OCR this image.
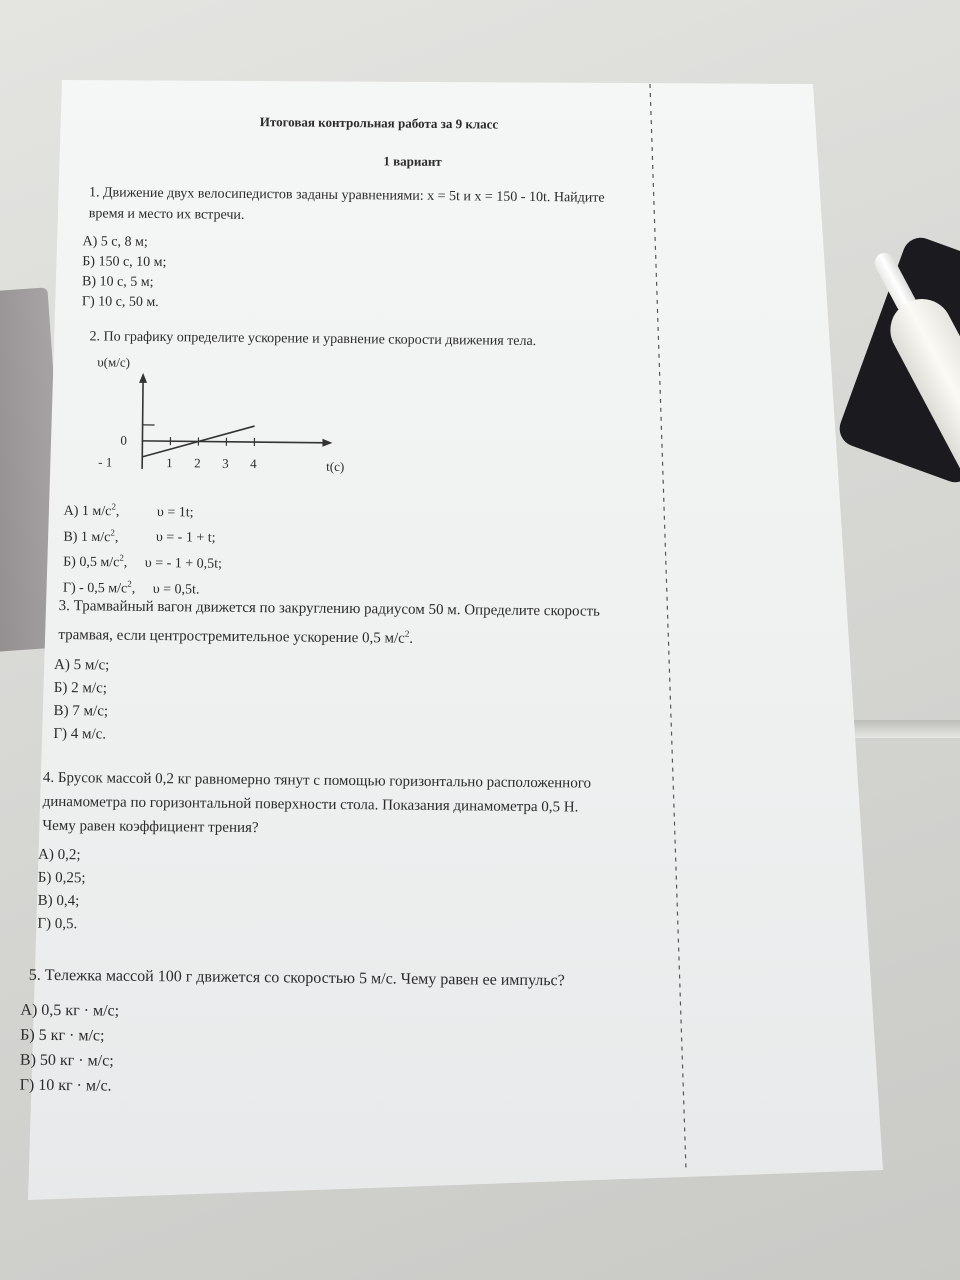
Итоговая контрольная работа за 9 класс
1 вариант
1. Движение двух велосипедистов заданы уравнениями: x = 5t и x = 150 - 10t. Найдите
время и место их встречи.
А) 5 с, 8 м;
Б) 150 с, 10 м;
В) 10 с, 5 м;
Г) 10 с, 50 м.
2. По графику определите ускорение и уравнение скорости движения тела.
υ(м/с)
t(c)
1 2 3 4
0
- 1
А) 1 $м/с^2$,	υ = 1t;
В) 1 $м/с^2$,	υ = - 1 + t;
Б) 0,5 $м/с^2$, υ = - 1 + 0,5t;
Г) - 0,5 $м/с^2$, υ = 0,5t.
3. Трамвайный вагон движется по закруглению радиусом 50 м. Определите скорость
трамвая, если центростремительное ускорение 0,5 $м/с^2$.
А) 5 м/с;
Б) 2 м/с;
В) 7 м/с;
Г) 4 м/с.
4. Брусок массой 0,2 кг равномерно тянут с помощью горизонтально расположенного
динамометра по горизонтальной поверхности стола. Показания динамометра 0,5 Н.
Чему равен коэффициент трения?
А) 0,2;
Б) 0,25;
В) 0,4;
Г) 0,5.
5. Тележка массой 100 г движется со скоростью 5 м/с. Чему равен ее импульс?
А) 0,5 кг · м/с;
Б) 5 кг · м/с;
В) 50 кг · м/с;
Г) 10 кг · м/с.
